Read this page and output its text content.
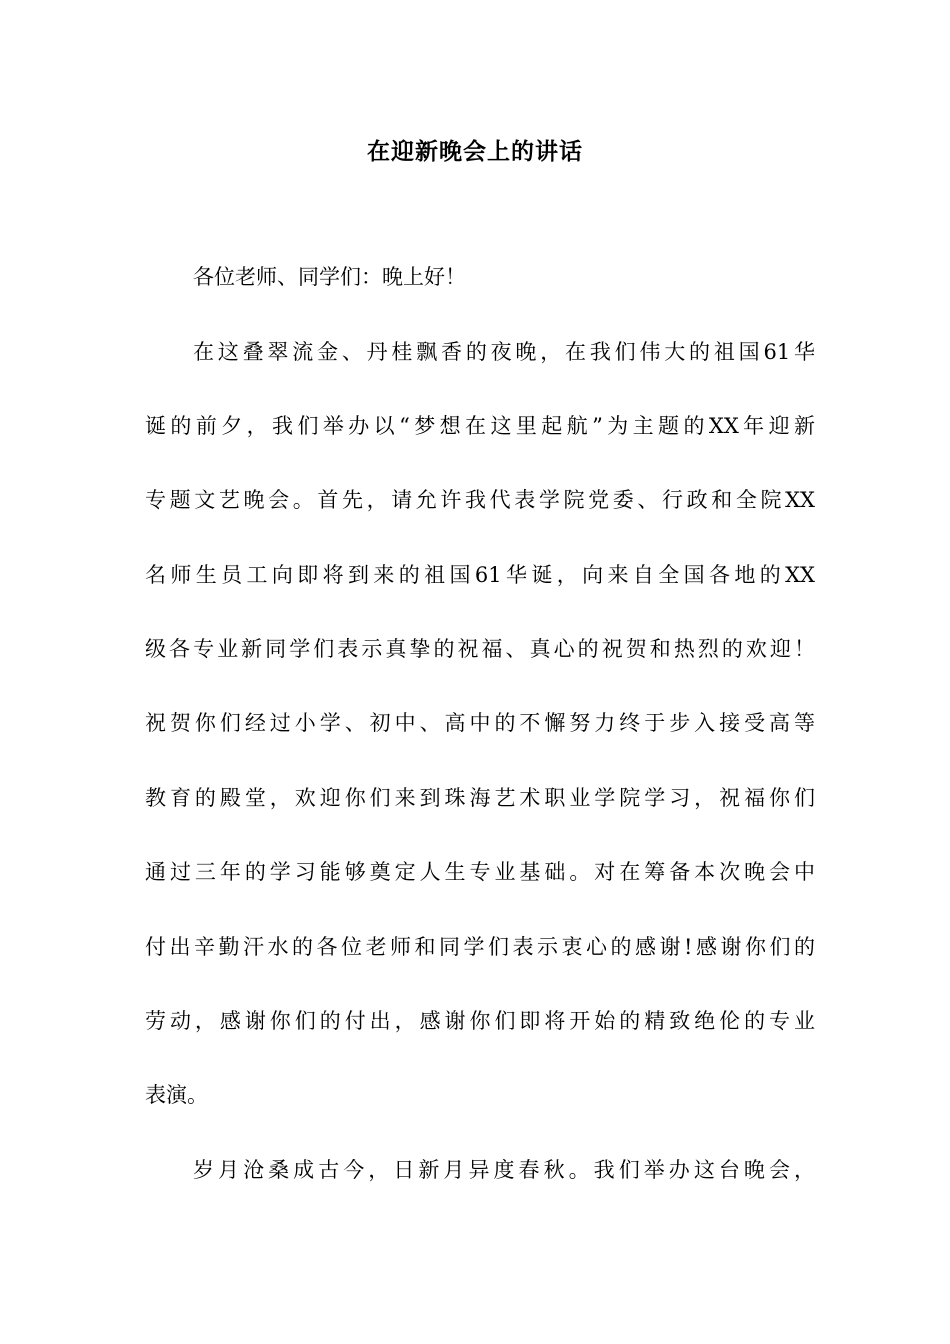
在迎新晚会上的讲话
各位老师、同学们：晚上好！
在这叠翠流金、丹桂飘香的夜晚，在我们伟大的祖国61华
诞的前夕，我们举办以“梦想在这里起航”为主题的XX年迎新
专题文艺晚会。首先，请允许我代表学院党委、行政和全院XX
名师生员工向即将到来的祖国61华诞，向来自全国各地的XX
级各专业新同学们表示真挚的祝福、真心的祝贺和热烈的欢迎！
祝贺你们经过小学、初中、高中的不懈努力终于步入接受高等
教育的殿堂，欢迎你们来到珠海艺术职业学院学习，祝福你们
通过三年的学习能够奠定人生专业基础。对在筹备本次晚会中
付出辛勤汗水的各位老师和同学们表示衷心的感谢!感谢你们的
劳动，感谢你们的付出，感谢你们即将开始的精致绝伦的专业
表演。
岁月沧桑成古今，日新月异度春秋。我们举办这台晚会，
